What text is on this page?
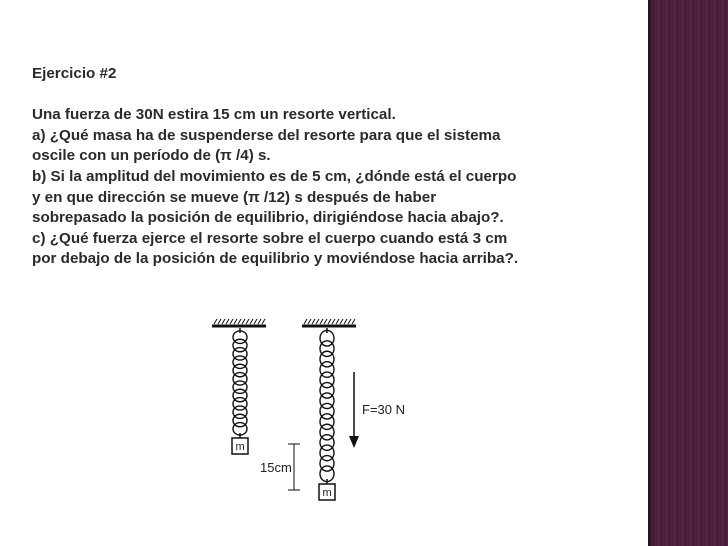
Ejercicio #2

Una fuerza de 30N estira 15 cm un resorte vertical.

a) ¿Qué masa ha de suspenderse del resorte para que el sistema

oscile con un período de (π /4) s.

b) Si la amplitud del movimiento es de 5 cm, ¿dónde está el cuerpo

y en que dirección se mueve (π /12) s después de haber

sobrepasado la posición de equilibrio, dirigiéndose hacia abajo?.

c) ¿Qué fuerza ejerce el resorte sobre el cuerpo cuando está 3 cm

por debajo de la posición de equilibrio y moviéndose hacia arriba?.

m
m
F=30 N
15cm
